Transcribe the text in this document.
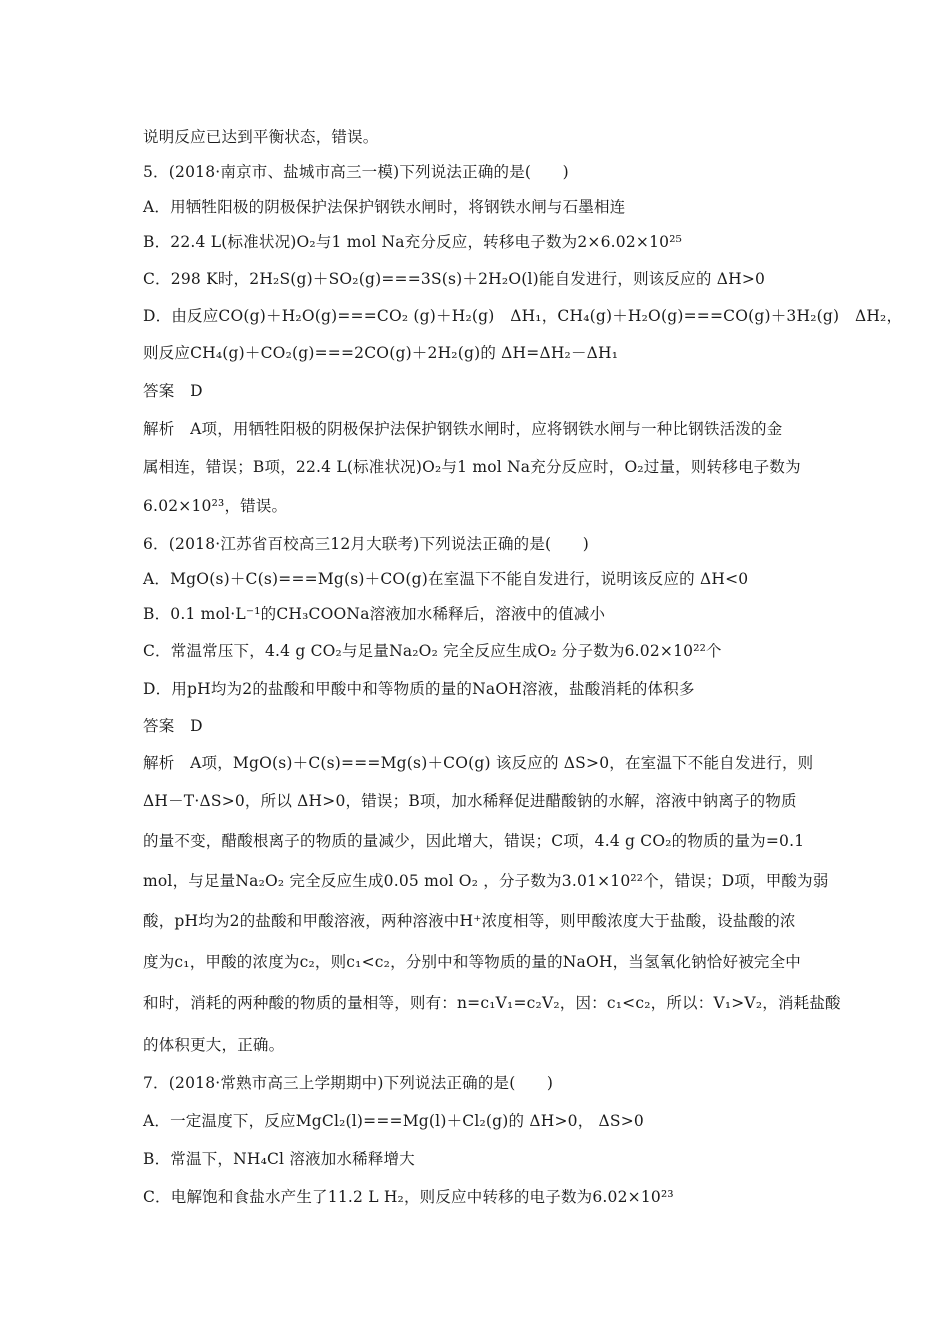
说明反应已达到平衡状态，错误。
5．(2018·南京市、盐城市高三一模)下列说法正确的是(　　)
A．用牺牲阳极的阴极保护法保护钢铁水闸时，将钢铁水闸与石墨相连
B．22.4 L(标准状况)O₂与1 mol Na充分反应，转移电子数为2×6.02×10²⁵
C．298 K时，2H₂S(g)＋SO₂(g)===3S(s)＋2H₂O(l)能自发进行，则该反应的 ΔH>0
D．由反应CO(g)＋H₂O(g)===CO₂ (g)＋H₂(g)　ΔH₁，CH₄(g)＋H₂O(g)===CO(g)＋3H₂(g)　ΔH₂，
则反应CH₄(g)＋CO₂(g)===2CO(g)＋2H₂(g)的 ΔH=ΔH₂－ΔH₁
答案　D
解析　A项，用牺牲阳极的阴极保护法保护钢铁水闸时，应将钢铁水闸与一种比钢铁活泼的金
属相连，错误；B项，22.4 L(标准状况)O₂与1 mol Na充分反应时，O₂过量，则转移电子数为
6.02×10²³，错误。
6．(2018·江苏省百校高三12月大联考)下列说法正确的是(　　)
A．MgO(s)＋C(s)===Mg(s)＋CO(g)在室温下不能自发进行，说明该反应的 ΔH<0
B．0.1 mol·L⁻¹的CH₃COONa溶液加水稀释后，溶液中的值减小
C．常温常压下，4.4 g CO₂与足量Na₂O₂ 完全反应生成O₂ 分子数为6.02×10²²个
D．用pH均为2的盐酸和甲酸中和等物质的量的NaOH溶液，盐酸消耗的体积多
答案　D
解析　A项，MgO(s)＋C(s)===Mg(s)＋CO(g) 该反应的 ΔS>0，在室温下不能自发进行，则
ΔH－T·ΔS>0，所以 ΔH>0，错误；B项，加水稀释促进醋酸钠的水解，溶液中钠离子的物质
的量不变，醋酸根离子的物质的量减少，因此增大，错误；C项，4.4 g CO₂的物质的量为=0.1
mol，与足量Na₂O₂ 完全反应生成0.05 mol O₂ ，分子数为3.01×10²²个，错误；D项，甲酸为弱
酸，pH均为2的盐酸和甲酸溶液，两种溶液中H⁺浓度相等，则甲酸浓度大于盐酸，设盐酸的浓
度为c₁，甲酸的浓度为c₂，则c₁<c₂，分别中和等物质的量的NaOH，当氢氧化钠恰好被完全中
和时，消耗的两种酸的物质的量相等，则有：n=c₁V₁=c₂V₂，因：c₁<c₂，所以：V₁>V₂，消耗盐酸
的体积更大，正确。
7．(2018·常熟市高三上学期期中)下列说法正确的是(　　)
A．一定温度下，反应MgCl₂(l)===Mg(l)＋Cl₂(g)的 ΔH>0， ΔS>0
B．常温下，NH₄Cl 溶液加水稀释增大
C．电解饱和食盐水产生了11.2 L H₂，则反应中转移的电子数为6.02×10²³
